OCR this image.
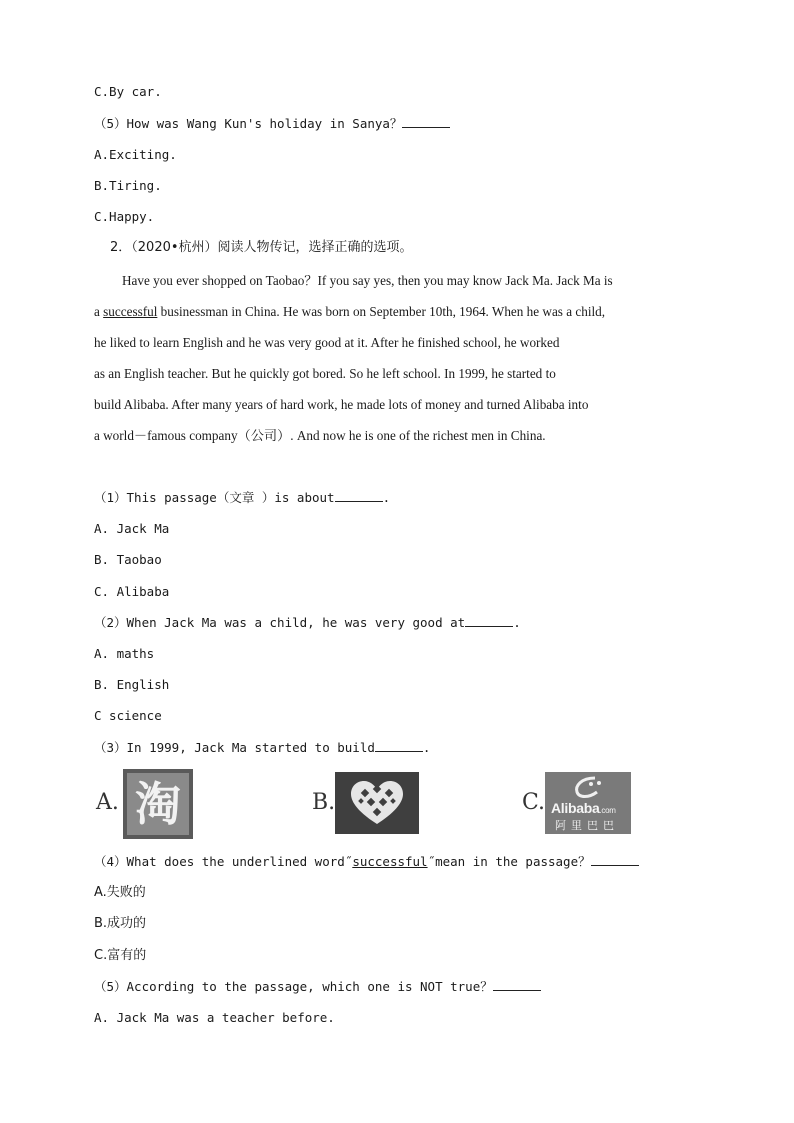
C.By car.
（5）How was Wang Kun's holiday in Sanya？
A.Exciting.
B.Tiring.
C.Happy.
2．（2020•杭州）阅读人物传记，选择正确的选项。
Have you ever shopped on Taobao？If you say yes, then you may know Jack Ma. Jack Ma is
a successful businessman in China. He was born on September 10th, 1964. When he was a child,
he liked to learn English and he was very good at it. After he finished school, he worked
as an English teacher. But he quickly got bored. So he left school. In 1999, he started to
build Alibaba. After many years of hard work, he made lots of money and turned Alibaba into
a world－famous company（公司）. And now he is one of the richest men in China.
（1）This passage（文章 ）is about	.
A. Jack Ma
B. Taobao
C. Alibaba
（2）When Jack Ma was a child, he was very good at	.
A. maths
B. English
C science
（3）In 1999, Jack Ma started to build	.
A. 淘	B.	C. Alibaba.com
阿里巴巴
（4）What does the underlined word˝successful˝mean in the passage？
A.失败的
B.成功的
C.富有的
（5）According to the passage, which one is NOT true？
A. Jack Ma was a teacher before.
